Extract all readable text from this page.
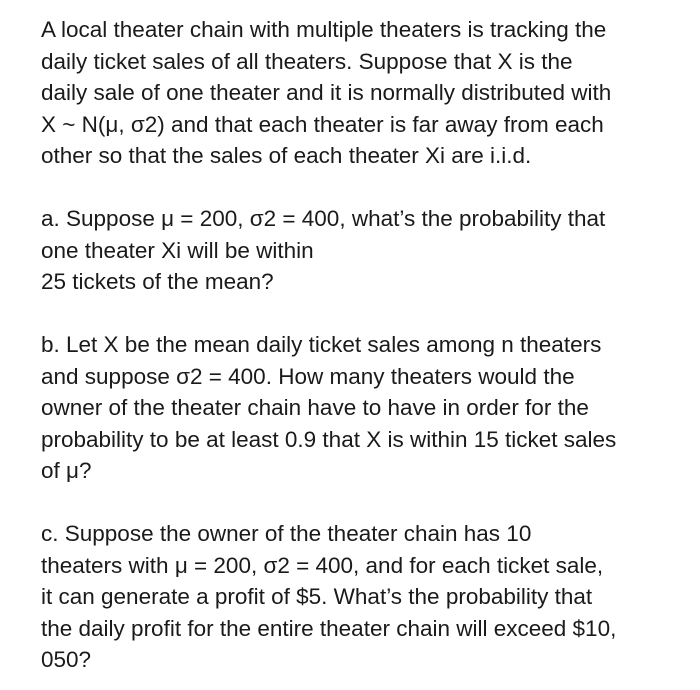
A local theater chain with multiple theaters is tracking the
daily ticket sales of all theaters. Suppose that X is the
daily sale of one theater and it is normally distributed with
X ~ N(μ, σ2) and that each theater is far away from each
other so that the sales of each theater Xi are i.i.d.
a. Suppose μ = 200, σ2 = 400, what’s the probability that
one theater Xi will be within
25 tickets of the mean?
b. Let X be the mean daily ticket sales among n theaters
and suppose σ2 = 400. How many theaters would the
owner of the theater chain have to have in order for the
probability to be at least 0.9 that X is within 15 ticket sales
of μ?
c. Suppose the owner of the theater chain has 10
theaters with μ = 200, σ2 = 400, and for each ticket sale,
it can generate a profit of $5. What’s the probability that
the daily profit for the entire theater chain will exceed $10,
050?
